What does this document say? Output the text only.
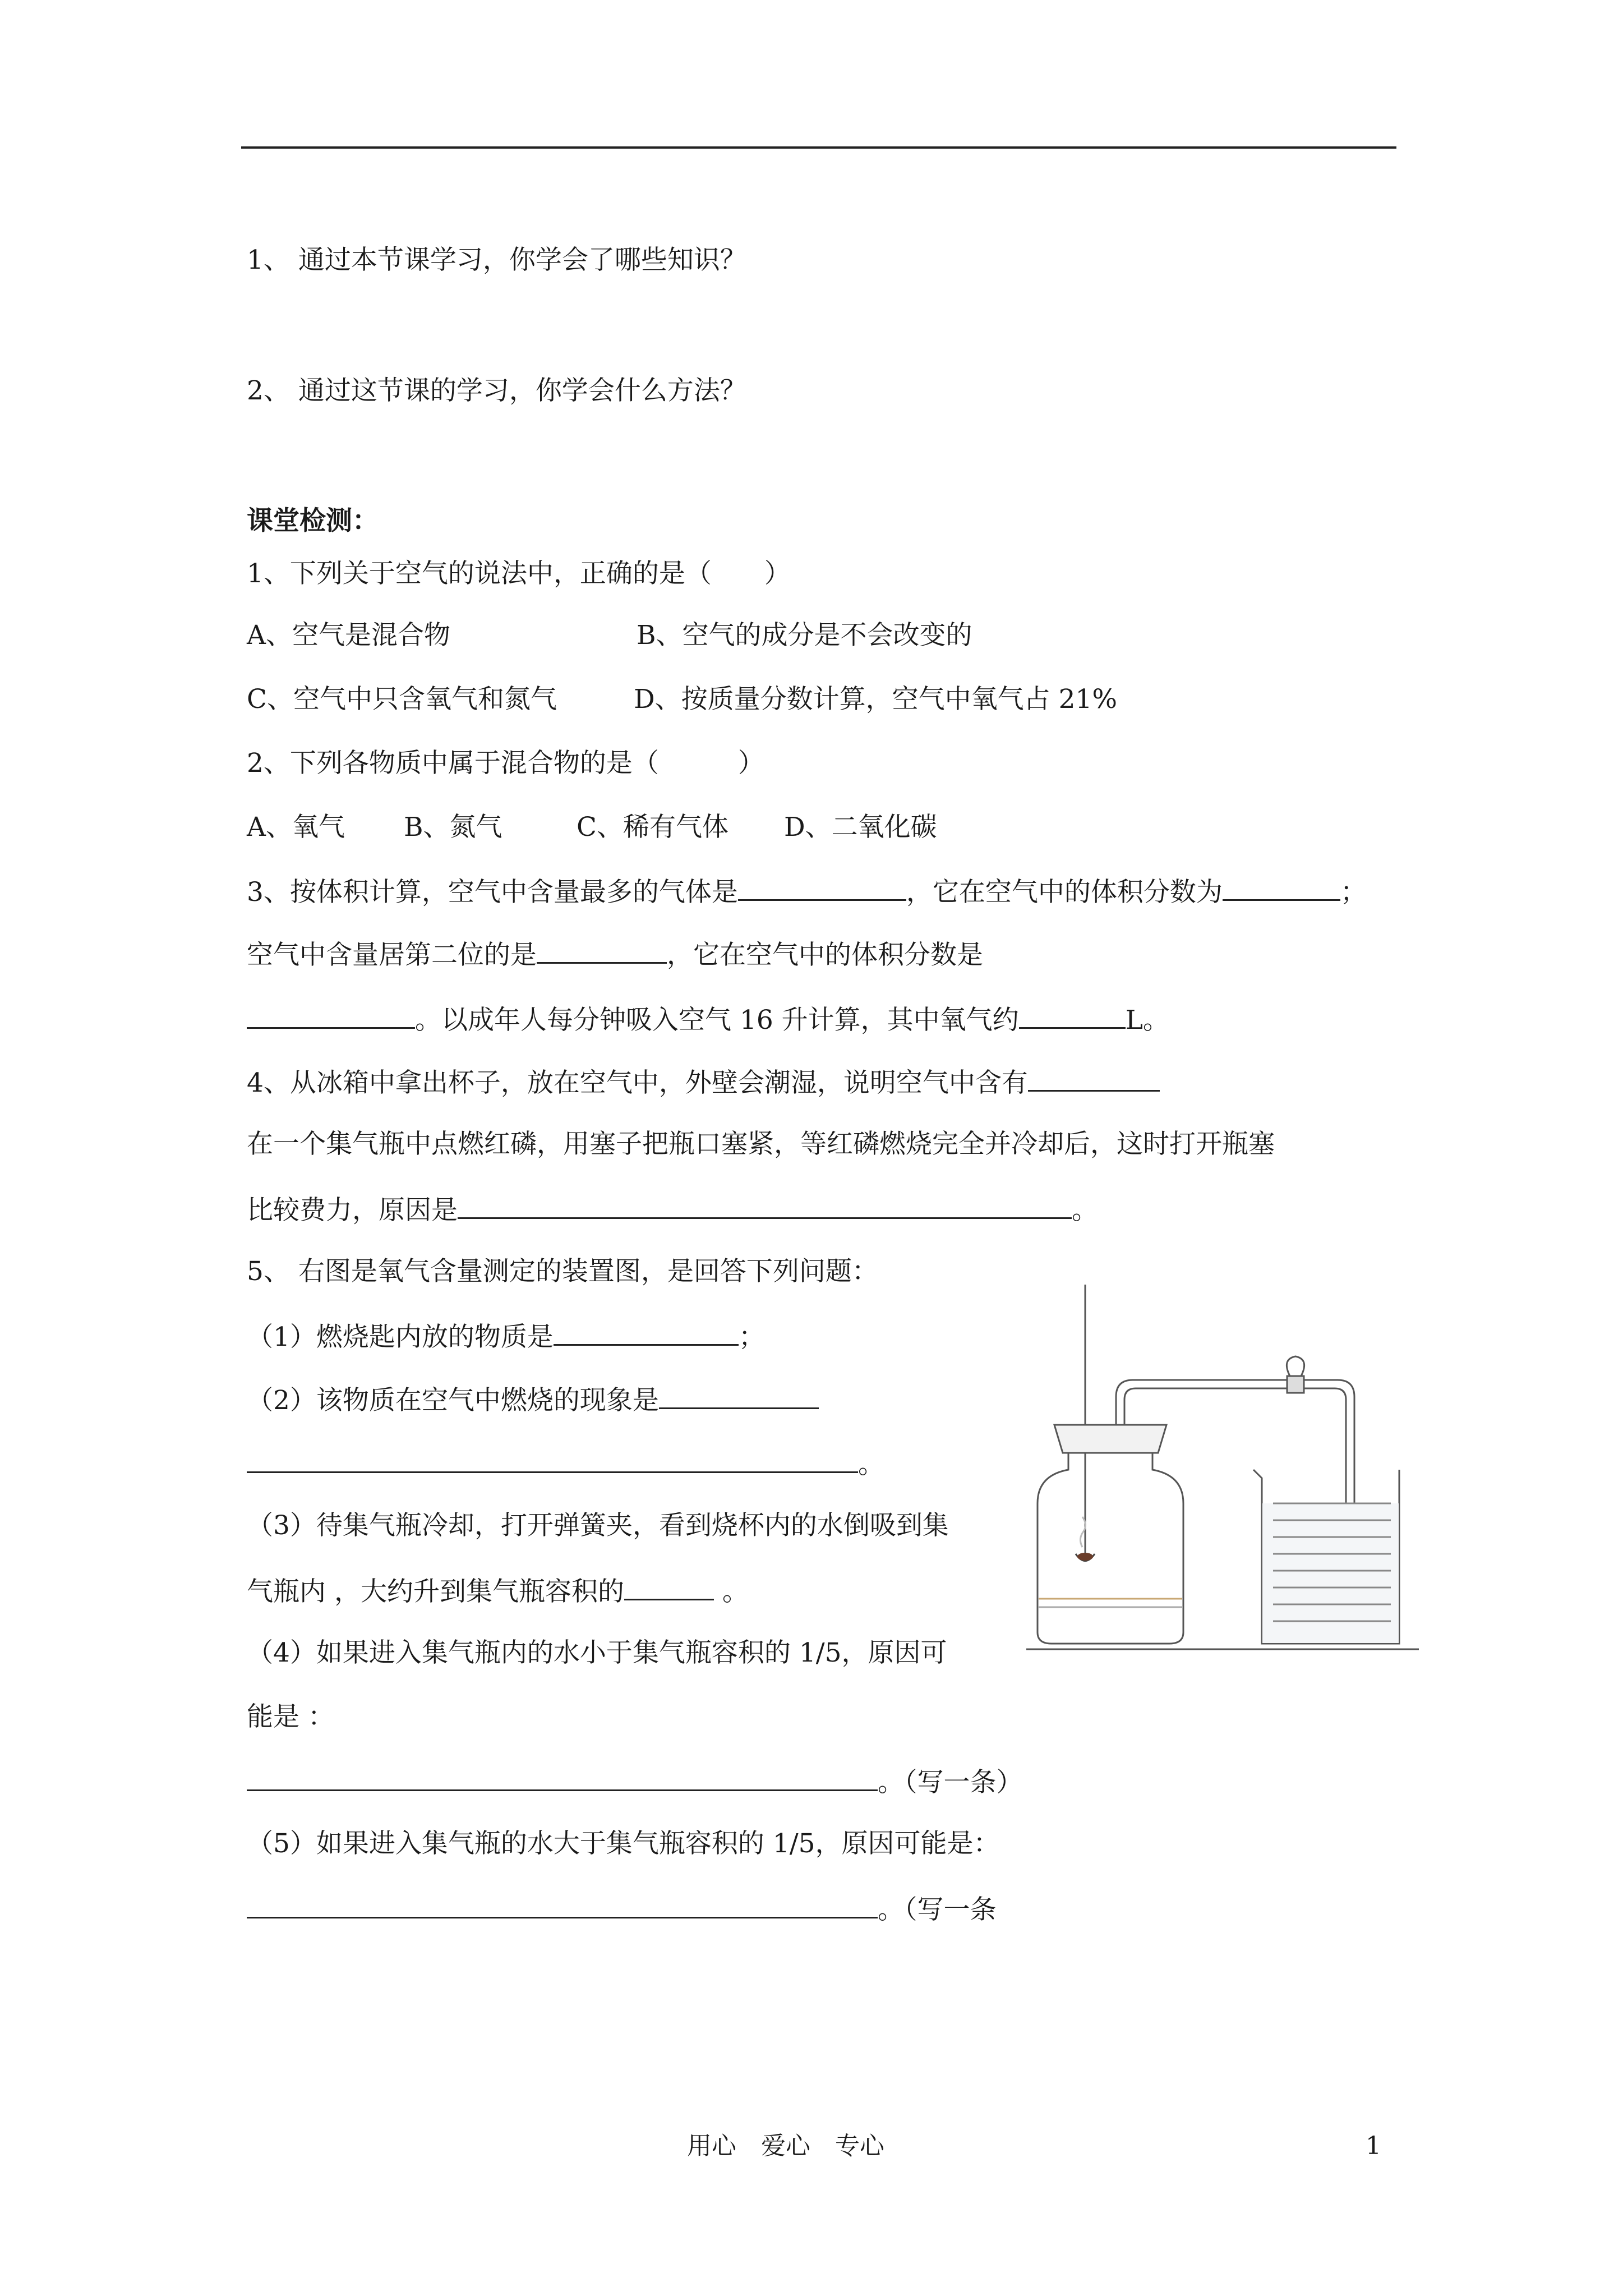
1、 通过本节课学习，你学会了哪些知识？
2、 通过这节课的学习，你学会什么方法？
课堂检测：
1、下列关于空气的说法中，正确的是（　　）
A、空气是混合物	B、空气的成分是不会改变的
C、空气中只含氧气和氮气	D、按质量分数计算，空气中氧气占 21%
2、下列各物质中属于混合物的是（　　　）
A、氧气 B、氮气	C、稀有气体 D、二氧化碳
3、按体积计算，空气中含量最多的气体是	，它在空气中的体积分数为	；
空气中含量居第二位的是	，它在空气中的体积分数是
。以成年人每分钟吸入空气 16 升计算，其中氧气约	L。
4、从冰箱中拿出杯子，放在空气中，外壁会潮湿，说明空气中含有
在一个集气瓶中点燃红磷，用塞子把瓶口塞紧，等红磷燃烧完全并冷却后，这时打开瓶塞
比较费力，原因是	。
5、 右图是氧气含量测定的装置图，是回答下列问题：
（1）燃烧匙内放的物质是	；
（2）该物质在空气中燃烧的现象是
。
（3）待集气瓶冷却，打开弹簧夹，看到烧杯内的水倒吸到集
气瓶内 ，大约升到集气瓶容积的	。
（4）如果进入集气瓶内的水小于集气瓶容积的 1/5，原因可
能是 ：
。（写一条）
（5）如果进入集气瓶的水大于集气瓶容积的 1/5，原因可能是：
。（写一条
用心　爱心　专心	1
